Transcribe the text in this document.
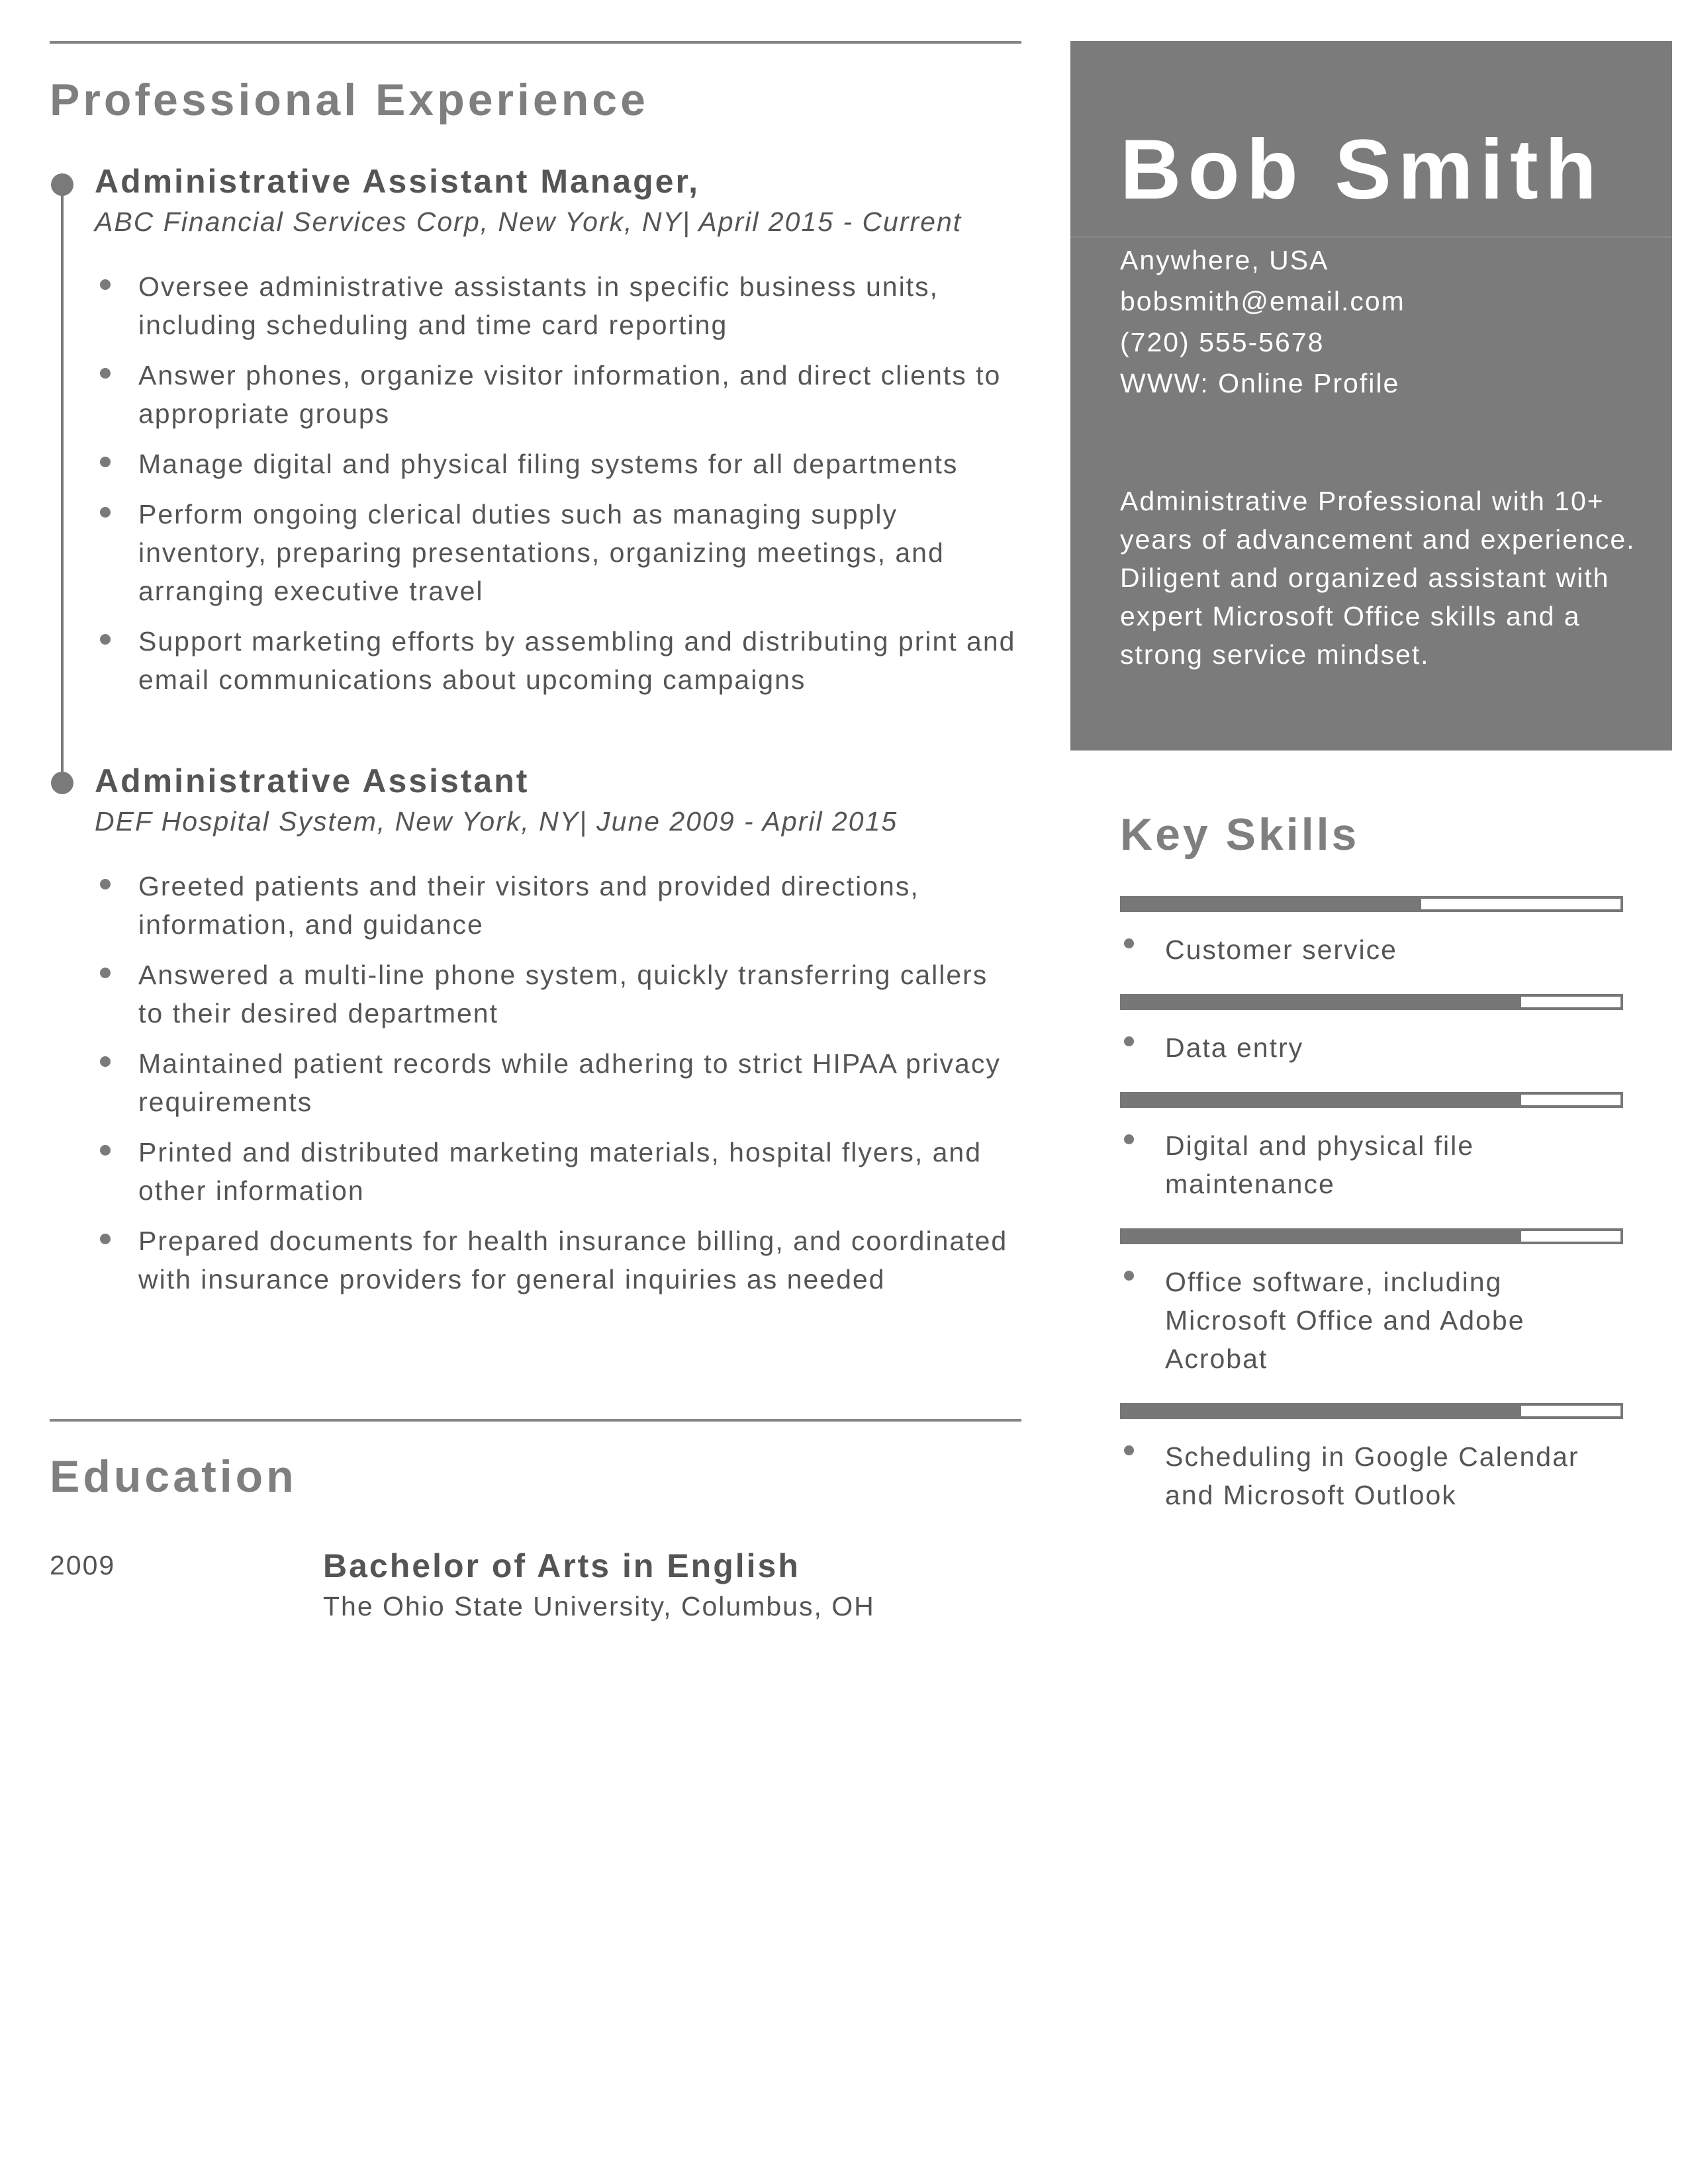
Professional Experience
Administrative Assistant Manager,

ABC Financial Services Corp, New York, NY| April 2015 - Current

Oversee administrative assistants in specific business units, including scheduling and time card reporting
Answer phones, organize visitor information, and direct clients to appropriate groups
Manage digital and physical filing systems for all departments
Perform ongoing clerical duties such as managing supply inventory, preparing presentations, organizing meetings, and arranging executive travel
Support marketing efforts by assembling and distributing print and email communications about upcoming campaigns
Administrative Assistant

DEF Hospital System, New York, NY| June 2009 - April 2015

Greeted patients and their visitors and provided directions, information, and guidance
Answered a multi-line phone system, quickly transferring callers to their desired department
Maintained patient records while adhering to strict HIPAA privacy requirements
Printed and distributed marketing materials, hospital flyers, and other information
Prepared documents for health insurance billing, and coordinated with insurance providers for general inquiries as needed
Education
2009	Bachelor of Arts in English

The Ohio State University, Columbus, OH

Bob Smith
Anywhere, USA
bobsmith@email.com
(720) 555-5678
WWW: Online Profile

Administrative Professional with 10+ years of advancement and experience. Diligent and organized assistant with expert Microsoft Office skills and a strong service mindset.

Key Skills
Customer service
Data entry
Digital and physical file maintenance
Office software, including Microsoft Office and Adobe Acrobat
Scheduling in Google Calendar and Microsoft Outlook
